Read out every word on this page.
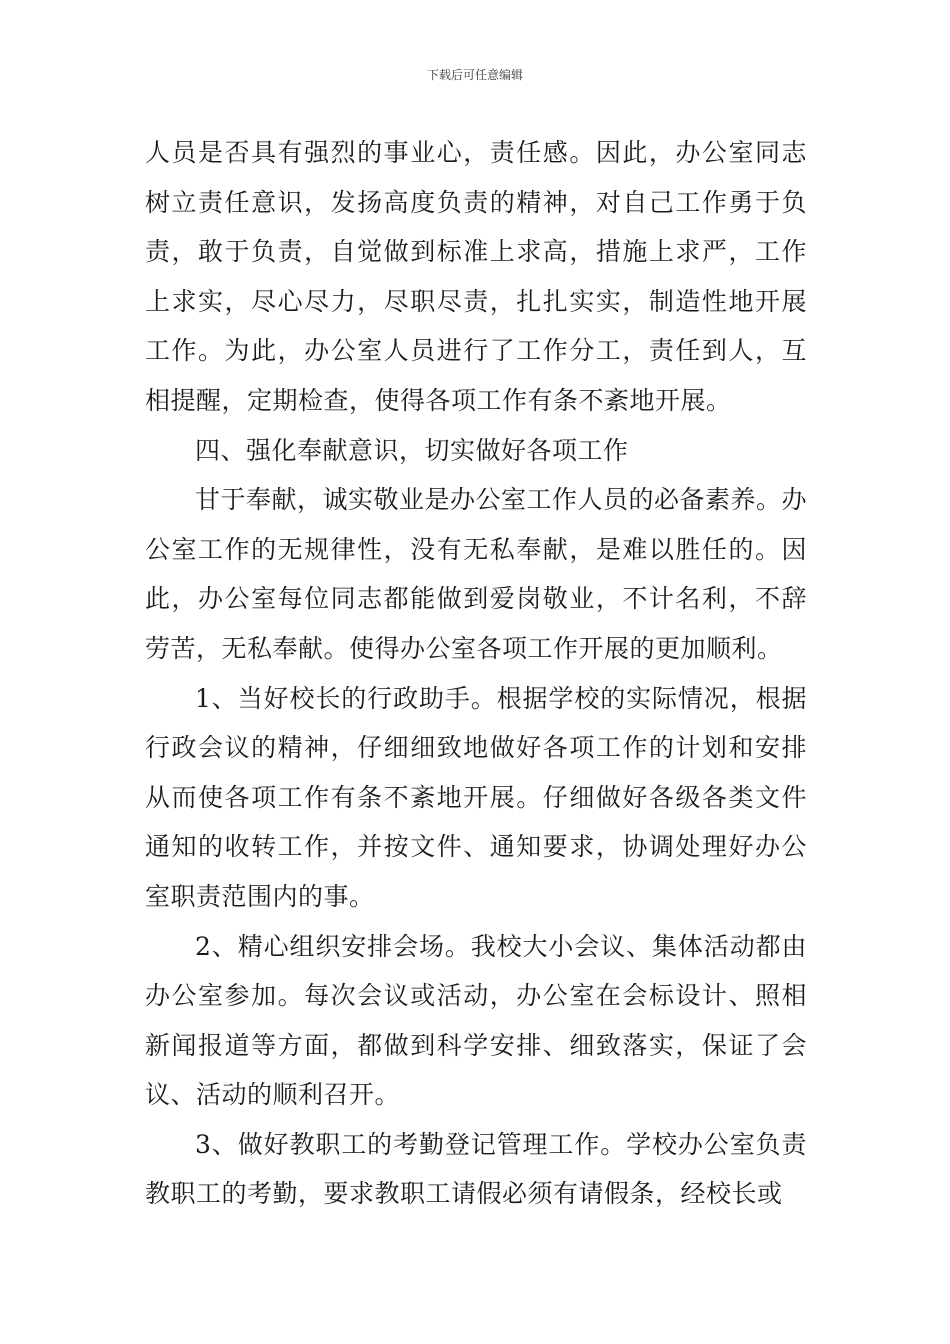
下载后可任意编辑

人员是否具有强烈的事业心，责任感。因此，办公室同志树立责任意识，发扬高度负责的精神，对自己工作勇于负责，敢于负责，自觉做到标准上求高，措施上求严，工作上求实，尽心尽力，尽职尽责，扎扎实实，制造性地开展工作。为此，办公室人员进行了工作分工，责任到人，互相提醒，定期检查，使得各项工作有条不紊地开展。

四、强化奉献意识，切实做好各项工作

甘于奉献，诚实敬业是办公室工作人员的必备素养。办公室工作的无规律性，没有无私奉献，是难以胜任的。因此，办公室每位同志都能做到爱岗敬业，不计名利，不辞劳苦，无私奉献。使得办公室各项工作开展的更加顺利。

1、当好校长的行政助手。根据学校的实际情况，根据行政会议的精神，仔细细致地做好各项工作的计划和安排从而使各项工作有条不紊地开展。仔细做好各级各类文件通知的收转工作，并按文件、通知要求，协调处理好办公室职责范围内的事。

2、精心组织安排会场。我校大小会议、集体活动都由办公室参加。每次会议或活动，办公室在会标设计、照相新闻报道等方面，都做到科学安排、细致落实，保证了会议、活动的顺利召开。

3、做好教职工的考勤登记管理工作。学校办公室负责教职工的考勤，要求教职工请假必须有请假条，经校长或
